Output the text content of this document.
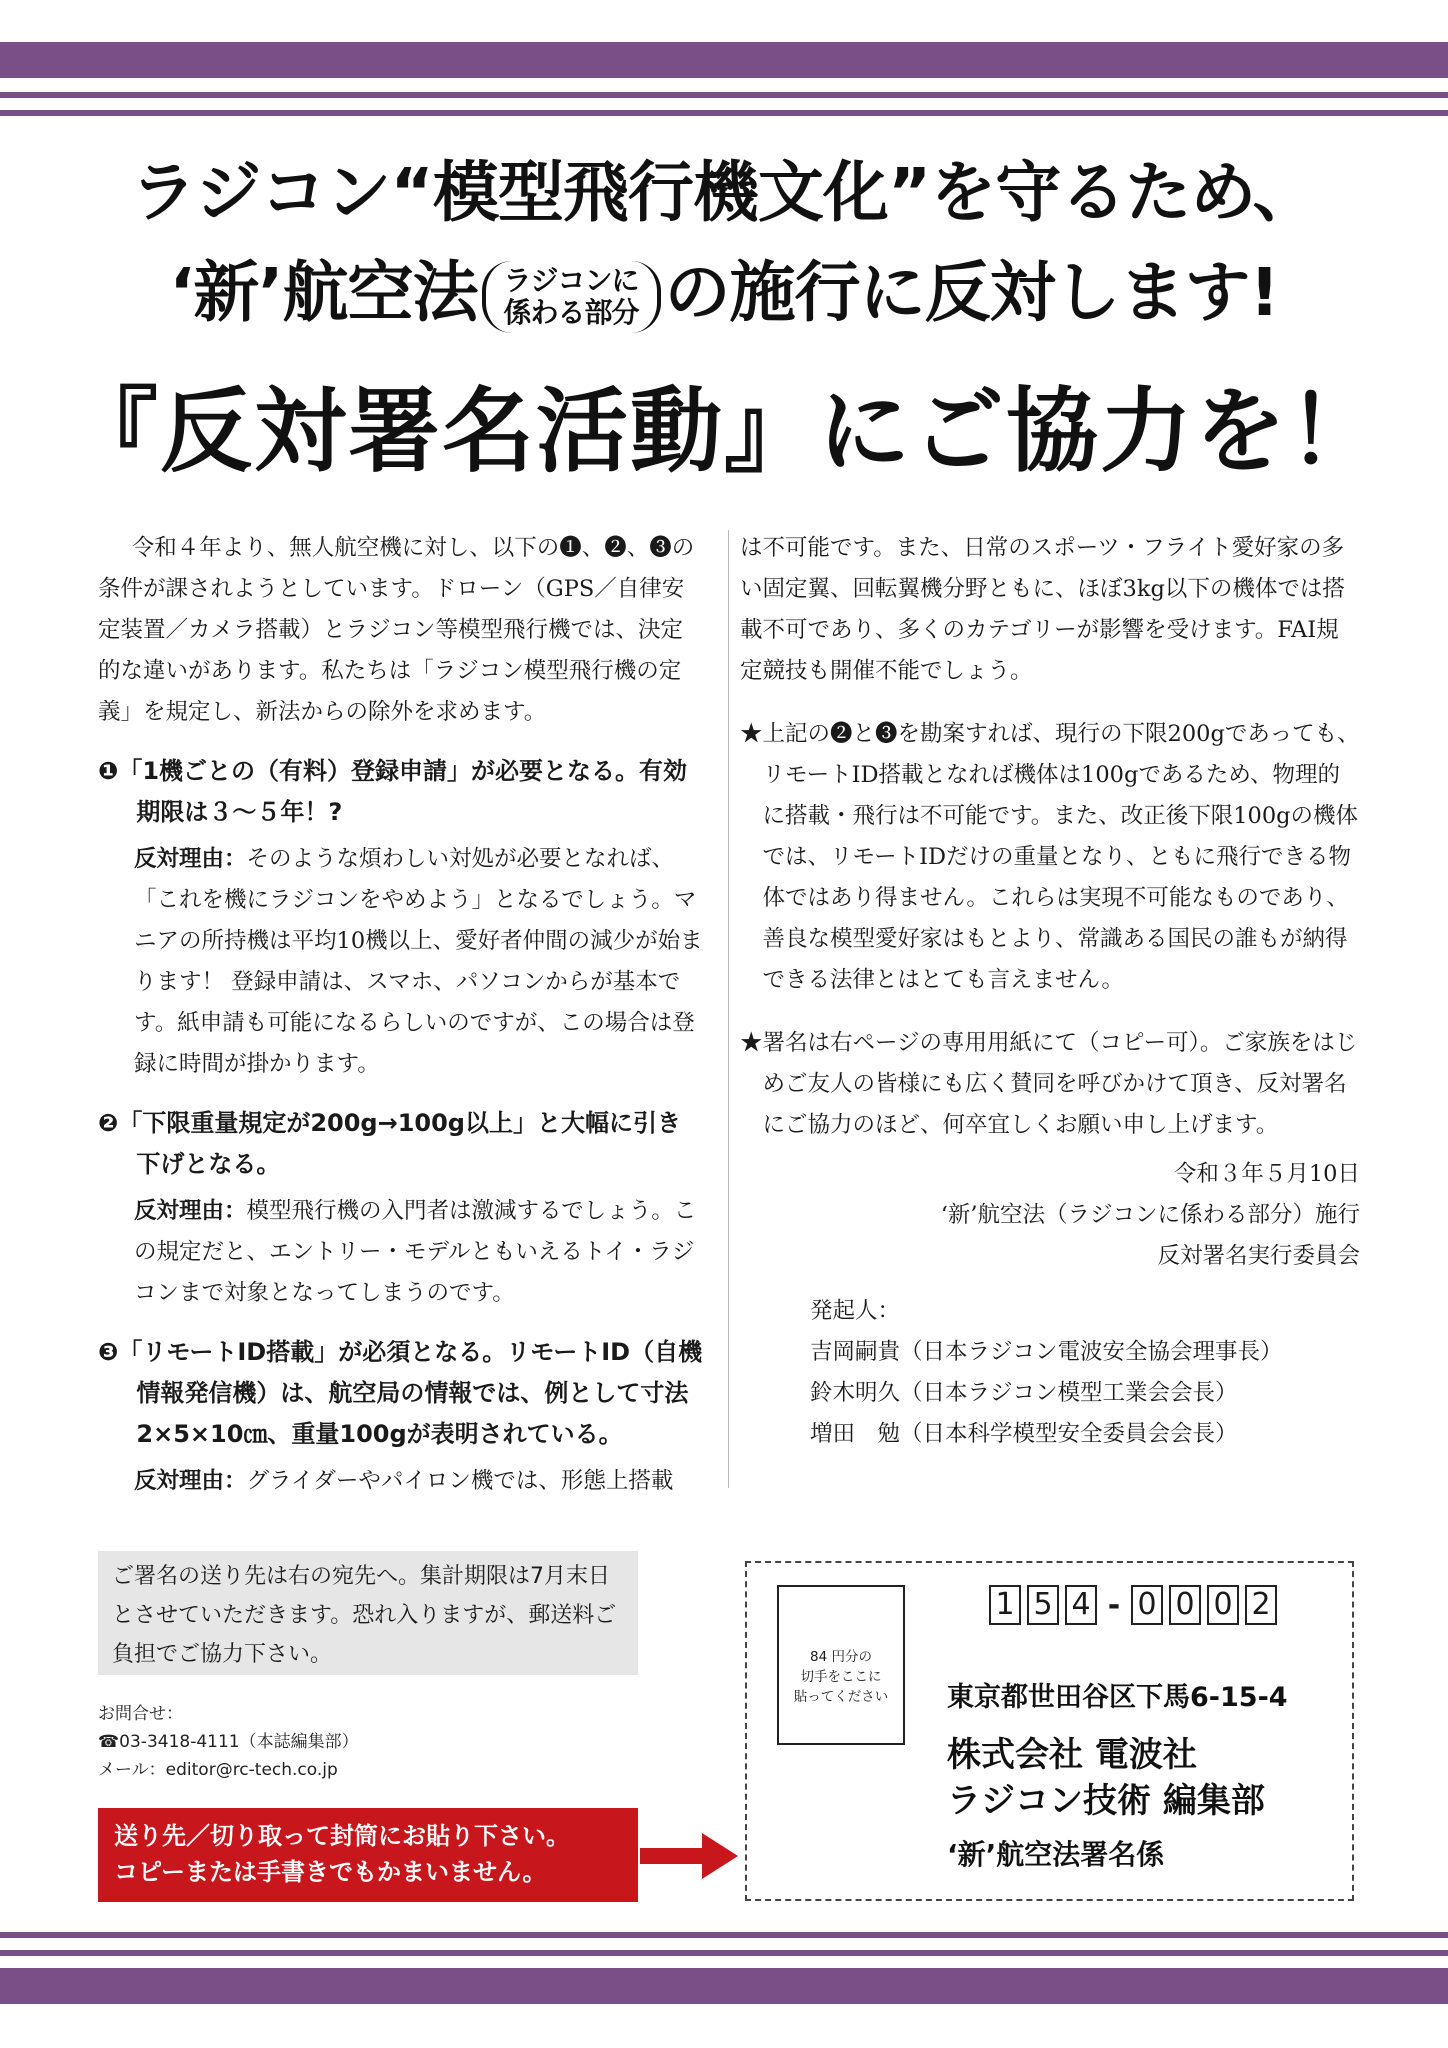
ラジコン“模型飛行機文化”を守るため、
‘新’航空法 ラジコンに
係わる部分 の施行に反対します!
『反対署名活動』にご協力を！

令和４年より、無人航空機に対し、以下の❶、❷、❸の条件が課されようとしています。ドローン（GPS／自律安定装置／カメラ搭載）とラジコン等模型飛行機では、決定的な違いがあります。私たちは「ラジコン模型飛行機の定義」を規定し、新法からの除外を求めます。

❶「1機ごとの（有料）登録申請」が必要となる。有効期限は３～５年！?
反対理由：そのような煩わしい対処が必要となれば、「これを機にラジコンをやめよう」となるでしょう。マニアの所持機は平均10機以上、愛好者仲間の減少が始まります！ 登録申請は、スマホ、パソコンからが基本です。紙申請も可能になるらしいのですが、この場合は登録に時間が掛かります。
❷「下限重量規定が200g→100g以上」と大幅に引き下げとなる。
反対理由：模型飛行機の入門者は激減するでしょう。この規定だと、エントリー・モデルともいえるトイ・ラジコンまで対象となってしまうのです。
❸「リモートID搭載」が必須となる。リモートID（自機情報発信機）は、航空局の情報では、例として寸法2×5×10㎝、重量100gが表明されている。
反対理由：グライダーやパイロン機では、形態上搭載

は不可能です。また、日常のスポーツ・フライト愛好家の多い固定翼、回転翼機分野ともに、ほぼ3kg以下の機体では搭載不可であり、多くのカテゴリーが影響を受けます。FAI規定競技も開催不能でしょう。

★上記の❷と❸を勘案すれば、現行の下限200gであっても、リモートID搭載となれば機体は100gであるため、物理的に搭載・飛行は不可能です。また、改正後下限100gの機体では、リモートIDだけの重量となり、ともに飛行できる物体ではあり得ません。これらは実現不可能なものであり、善良な模型愛好家はもとより、常識ある国民の誰もが納得できる法律とはとても言えません。

★署名は右ページの専用用紙にて（コピー可）。ご家族をはじめご友人の皆様にも広く賛同を呼びかけて頂き、反対署名にご協力のほど、何卒宜しくお願い申し上げます。

令和３年５月10日

‘新’航空法（ラジコンに係わる部分）施行

反対署名実行委員会

発起人：
吉岡嗣貴（日本ラジコン電波安全協会理事長）
鈴木明久（日本ラジコン模型工業会会長）
増田　勉（日本科学模型安全委員会会長）
ご署名の送り先は右の宛先へ。集計期限は7月末日とさせていただきます。恐れ入りますが、郵送料ご負担でご協力下さい。
お問合せ：
☎03-3418-4111（本誌編集部）
メール：editor@rc-tech.co.jp
送り先／切り取って封筒にお貼り下さい。
コピーまたは手書きでもかまいません。
84 円分の
切手をここに
貼ってください
1 5 4 - 0 0 0 2
東京都世田谷区下馬6-15-4
株式会社 電波社
ラジコン技術 編集部
‘新’航空法署名係
